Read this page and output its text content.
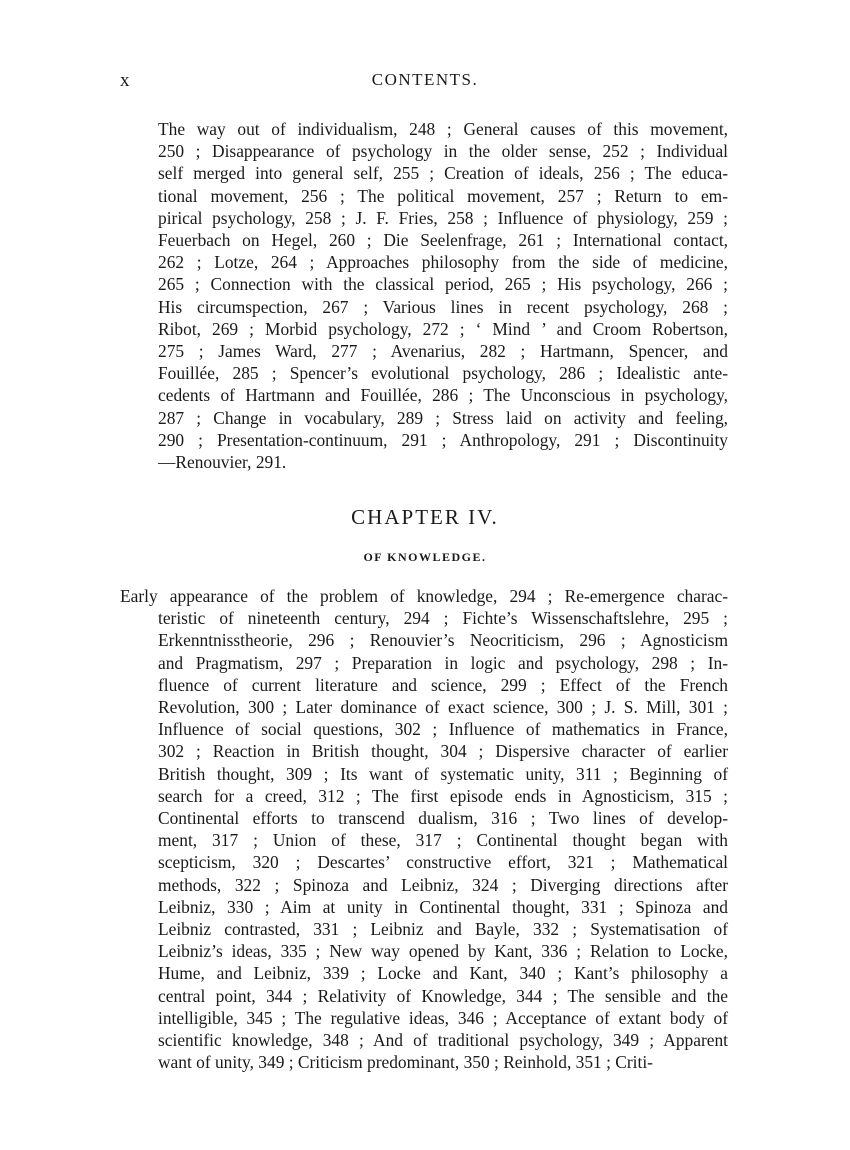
x	CONTENTS.
The way out of individualism, 248 ; General causes of this movement,
250 ; Disappearance of psychology in the older sense, 252 ; Individual
self merged into general self, 255 ; Creation of ideals, 256 ; The educa-
tional movement, 256 ; The political movement, 257 ; Return to em-
pirical psychology, 258 ; J. F. Fries, 258 ; Influence of physiology, 259 ;
Feuerbach on Hegel, 260 ; Die Seelenfrage, 261 ; International contact,
262 ; Lotze, 264 ; Approaches philosophy from the side of medicine,
265 ; Connection with the classical period, 265 ; His psychology, 266 ;
His circumspection, 267 ; Various lines in recent psychology, 268 ;
Ribot, 269 ; Morbid psychology, 272 ; ‘ Mind ’ and Croom Robertson,
275 ; James Ward, 277 ; Avenarius, 282 ; Hartmann, Spencer, and
Fouillée, 285 ; Spencer’s evolutional psychology, 286 ; Idealistic ante-
cedents of Hartmann and Fouillée, 286 ; The Unconscious in psychology,
287 ; Change in vocabulary, 289 ; Stress laid on activity and feeling,
290 ; Presentation-continuum, 291 ; Anthropology, 291 ; Discontinuity
—Renouvier, 291.
CHAPTER IV.
OF KNOWLEDGE.
Early appearance of the problem of knowledge, 294 ; Re-emergence charac-
teristic of nineteenth century, 294 ; Fichte’s Wissenschaftslehre, 295 ;
Erkenntnisstheorie, 296 ; Renouvier’s Neocriticism, 296 ; Agnosticism
and Pragmatism, 297 ; Preparation in logic and psychology, 298 ; In-
fluence of current literature and science, 299 ; Effect of the French
Revolution, 300 ; Later dominance of exact science, 300 ; J. S. Mill, 301 ;
Influence of social questions, 302 ; Influence of mathematics in France,
302 ; Reaction in British thought, 304 ; Dispersive character of earlier
British thought, 309 ; Its want of systematic unity, 311 ; Beginning of
search for a creed, 312 ; The first episode ends in Agnosticism, 315 ;
Continental efforts to transcend dualism, 316 ; Two lines of develop-
ment, 317 ; Union of these, 317 ; Continental thought began with
scepticism, 320 ; Descartes’ constructive effort, 321 ; Mathematical
methods, 322 ; Spinoza and Leibniz, 324 ; Diverging directions after
Leibniz, 330 ; Aim at unity in Continental thought, 331 ; Spinoza and
Leibniz contrasted, 331 ; Leibniz and Bayle, 332 ; Systematisation of
Leibniz’s ideas, 335 ; New way opened by Kant, 336 ; Relation to Locke,
Hume, and Leibniz, 339 ; Locke and Kant, 340 ; Kant’s philosophy a
central point, 344 ; Relativity of Knowledge, 344 ; The sensible and the
intelligible, 345 ; The regulative ideas, 346 ; Acceptance of extant body of
scientific knowledge, 348 ; And of traditional psychology, 349 ; Apparent
want of unity, 349 ; Criticism predominant, 350 ; Reinhold, 351 ; Criti-
